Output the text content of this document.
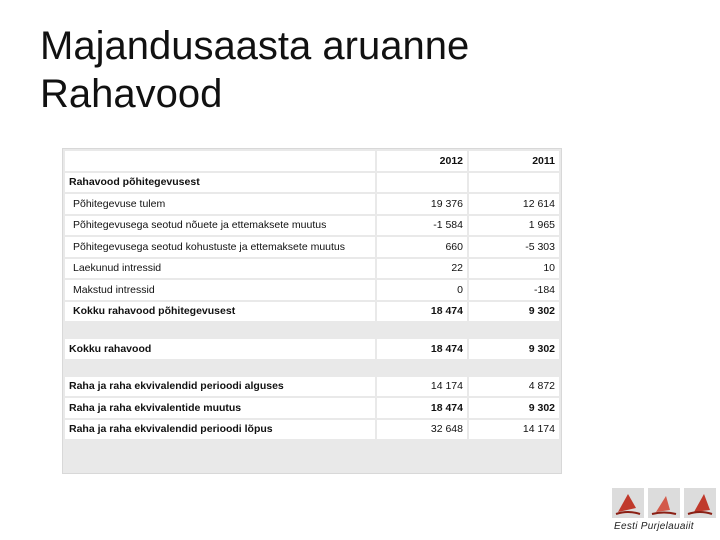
Majandusaasta aruanne
Rahavood
	2012	2011
Rahavood põhitegevusest		
Põhitegevuse tulem	19 376	12 614
Põhitegevusega seotud nõuete ja ettemaksete muutus	-1 584	1 965
Põhitegevusega seotud kohustuste ja ettemaksete muutus	660	-5 303
Laekunud intressid	22	10
Makstud intressid	0	-184
Kokku rahavood põhitegevusest	18 474	9 302

Kokku rahavood	18 474	9 302

Raha ja raha ekvivalendid perioodi alguses	14 174	4 872
Raha ja raha ekvivalentide muutus	18 474	9 302
Raha ja raha ekvivalendid perioodi lõpus	32 648	14 174
Eesti Purjelauaiit
